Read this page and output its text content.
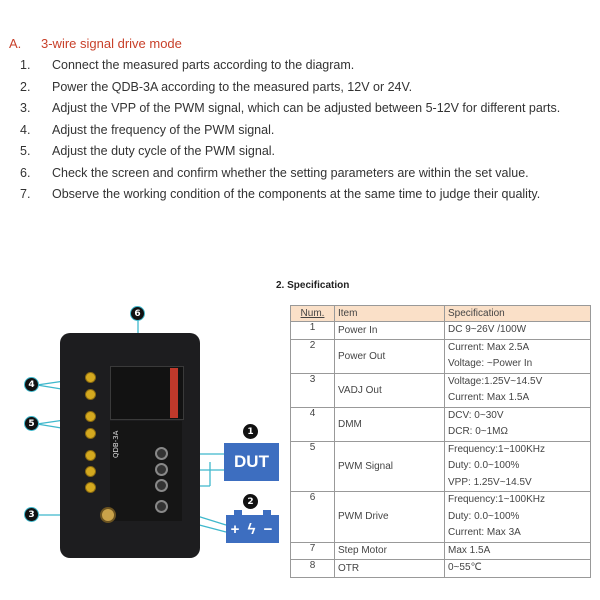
A. 3-wire signal drive mode
1.	Connect the measured parts according to the diagram.
2.	Power the QDB-3A according to the measured parts, 12V or 24V.
3.	Adjust the VPP of the PWM signal, which can be adjusted between 5-12V for different parts.
4.	Adjust the frequency of the PWM signal.
5.	Adjust the duty cycle of the PWM signal.
6.	Check the screen and confirm whether the setting parameters are within the set value.
7.	Observe the working condition of the components at the same time to judge their quality.
QDB-3A
6
4
5
3
1
2
DUT
+ ϟ −
2. Specification
Num.	Item	Specification
1	Power In	DC 9~26V /100W

2	Power Out	Current: Max 2.5A
Voltage: ~Power In

3	VADJ Out	Voltage:1.25V~14.5V
Current: Max 1.5A

4	DMM	DCV: 0~30V
DCR: 0~1MΩ

5	PWM Signal	Frequency:1~100KHz
Duty: 0.0~100%
VPP: 1.25V~14.5V

6	PWM Drive	Frequency:1~100KHz
Duty: 0.0~100%
Current: Max 3A

7	Step Motor	Max 1.5A

8	OTR	0~55℃
